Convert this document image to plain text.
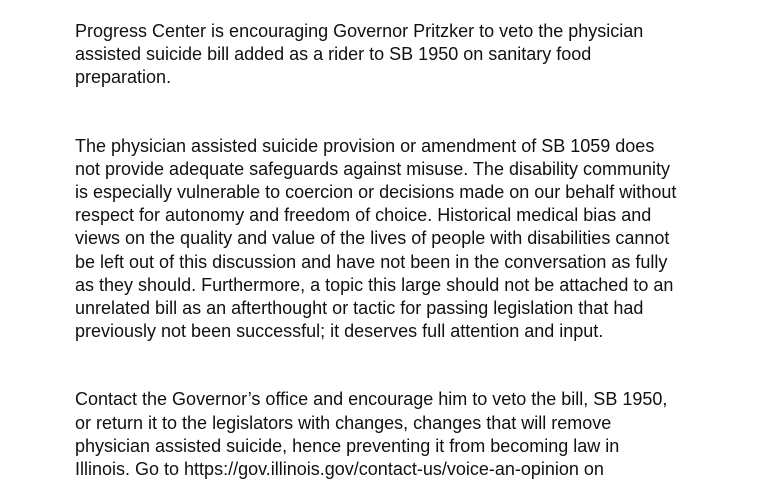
Progress Center is encouraging Governor Pritzker to veto the physician
assisted suicide bill added as a rider to SB 1950 on sanitary food
preparation.

The physician assisted suicide provision or amendment of SB 1059 does
not provide adequate safeguards against misuse. The disability community
is especially vulnerable to coercion or decisions made on our behalf without
respect for autonomy and freedom of choice. Historical medical bias and
views on the quality and value of the lives of people with disabilities cannot
be left out of this discussion and have not been in the conversation as fully
as they should. Furthermore, a topic this large should not be attached to an
unrelated bill as an afterthought or tactic for passing legislation that had
previously not been successful; it deserves full attention and input.

Contact the Governor’s office and encourage him to veto the bill, SB 1950,
or return it to the legislators with changes, changes that will remove
physician assisted suicide, hence preventing it from becoming law in
Illinois. Go to https://gov.illinois.gov/contact-us/voice-an-opinion on
